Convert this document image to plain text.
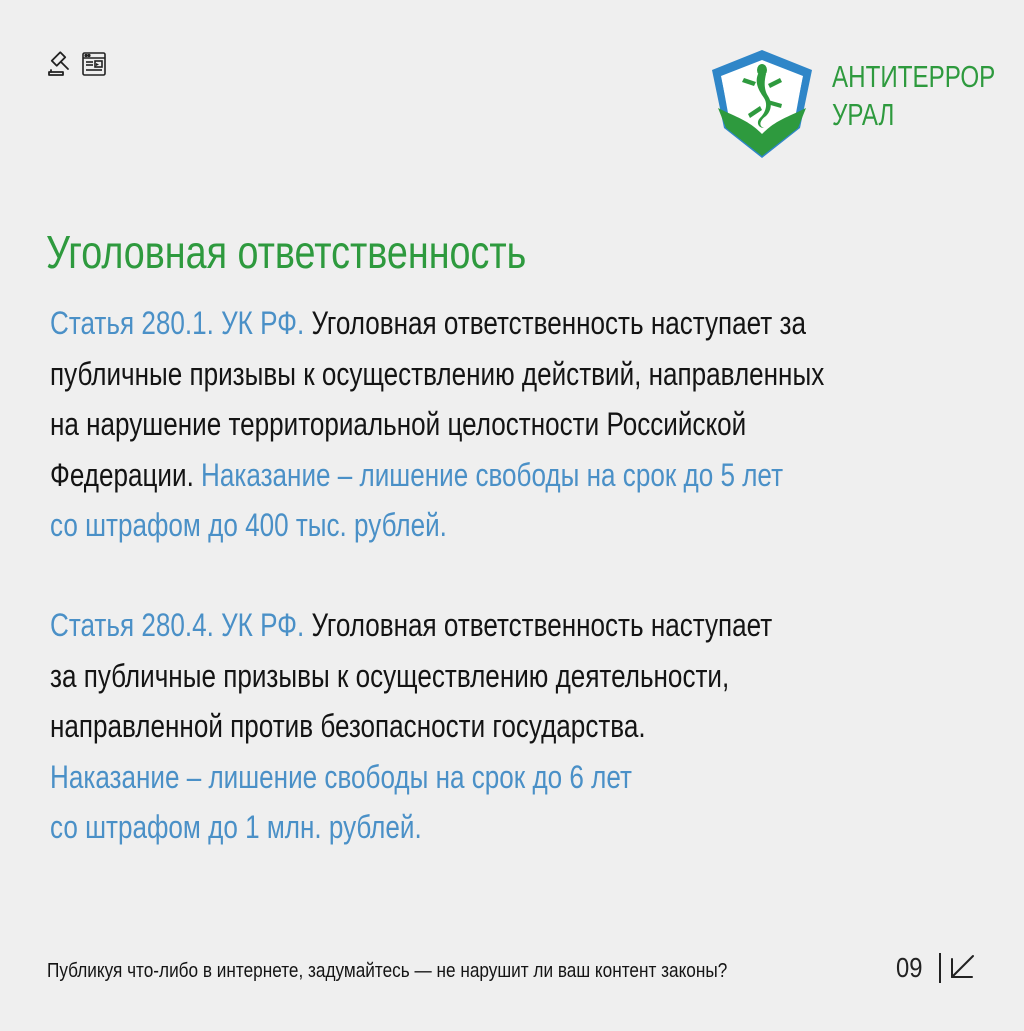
АНТИТЕРРОР
УРАЛ
Уголовная ответственность
Статья 280.1. УК РФ. Уголовная ответственность наступает за
публичные призывы к осуществлению действий, направленных
на нарушение территориальной целостности Российской
Федерации. Наказание – лишение свободы на срок до 5 лет
со штрафом до 400 тыс. рублей.
Статья 280.4. УК РФ. Уголовная ответственность наступает
за публичные призывы к осуществлению деятельности,
направленной против безопасности государства.
Наказание – лишение свободы на срок до 6 лет
со штрафом до 1 млн. рублей.
Публикуя что-либо в интернете, задумайтесь — не нарушит ли ваш контент законы?	09
